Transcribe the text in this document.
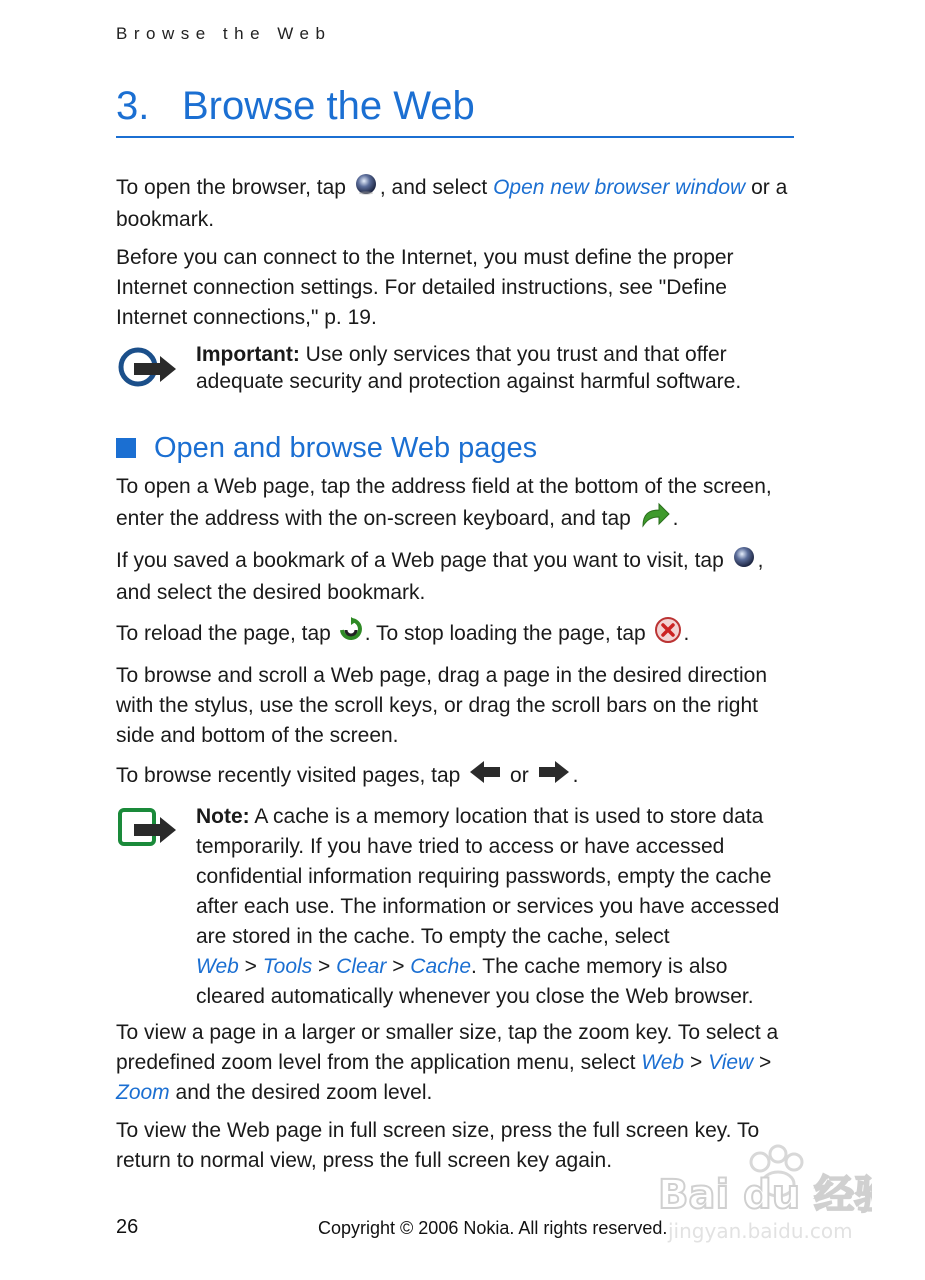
Browse the Web
3. Browse the Web

To open the browser, tap , and select Open new browser window or a bookmark.

Before you can connect to the Internet, you must define the proper Internet connection settings. For detailed instructions, see "Define Internet connections," p. 19.

Important: Use only services that you trust and that offer adequate security and protection against harmful software.
Open and browse Web pages

To open a Web page, tap the address field at the bottom of the screen, enter the address with the on-screen keyboard, and tap .

If you saved a bookmark of a Web page that you want to visit, tap , and select the desired bookmark.

To reload the page, tap . To stop loading the page, tap .

To browse and scroll a Web page, drag a page in the desired direction with the stylus, use the scroll keys, or drag the scroll bars on the right side and bottom of the screen.

To browse recently visited pages, tap or .

Note: A cache is a memory location that is used to store data temporarily. If you have tried to access or have accessed confidential information requiring passwords, empty the cache after each use. The information or services you have accessed are stored in the cache. To empty the cache, select
Web > Tools > Clear > Cache. The cache memory is also cleared automatically whenever you close the Web browser.

To view a page in a larger or smaller size, tap the zoom key. To select a predefined zoom level from the application menu, select Web > View > Zoom and the desired zoom level.

To view the Web page in full screen size, press the full screen key. To return to normal view, press the full screen key again.

Bai du 经验
jingyan.baidu.com
26	Copyright © 2006 Nokia. All rights reserved.
